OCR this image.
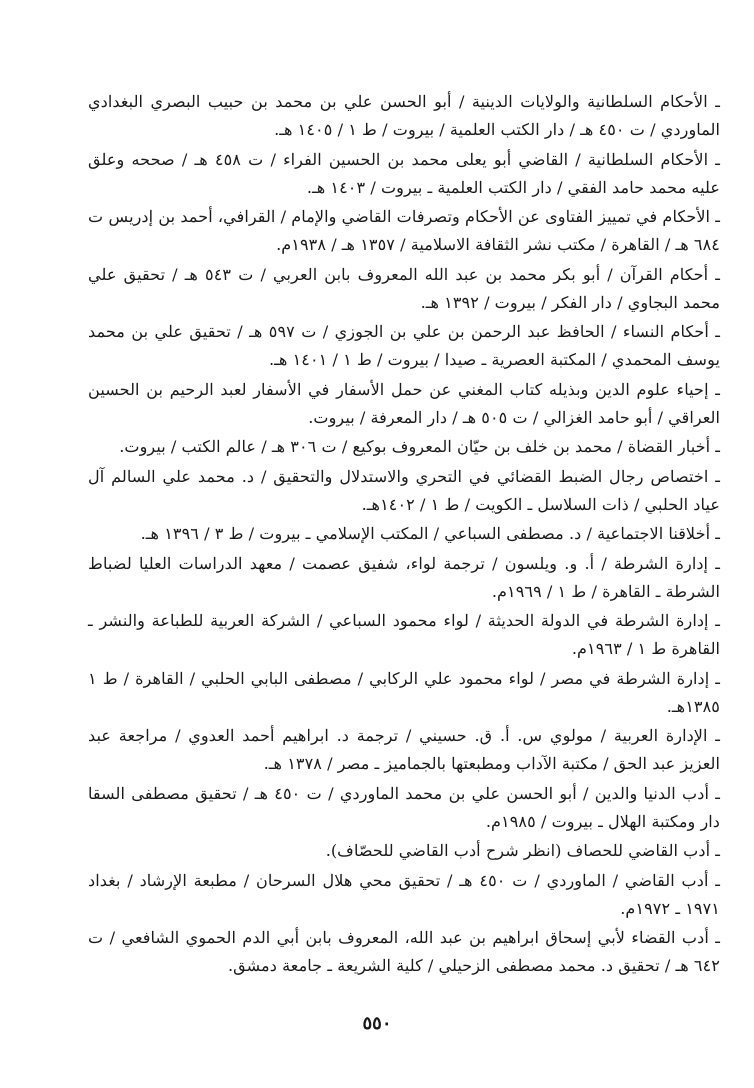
ـ الأحكام السلطانية والولايات الدينية / أبو الحسن علي بن محمد بن حبيب البصري البغدادي الماوردي / ت ٤٥٠ هـ / دار الكتب العلمية / بيروت / ط ١ / ١٤٠٥ هـ.

ـ الأحكام السلطانية / القاضي أبو يعلى محمد بن الحسين الفراء / ت ٤٥٨ هـ / صححه وعلق عليه محمد حامد الفقي / دار الكتب العلمية ـ بيروت / ١٤٠٣ هـ.

ـ الأحكام في تمييز الفتاوى عن الأحكام وتصرفات القاضي والإمام / القرافي، أحمد بن إدريس ت ٦٨٤ هـ / القاهرة / مكتب نشر الثقافة الاسلامية / ١٣٥٧ هـ / ١٩٣٨م.

ـ أحكام القرآن / أبو بكر محمد بن عبد الله المعروف بابن العربي / ت ٥٤٣ هـ / تحقيق علي محمد البجاوي / دار الفكر / بيروت / ١٣٩٢ هـ.

ـ أحكام النساء / الحافظ عبد الرحمن بن علي بن الجوزي / ت ٥٩٧ هـ / تحقيق علي بن محمد يوسف المحمدي / المكتبة العصرية ـ صيدا / بيروت / ط ١ / ١٤٠١ هـ.

ـ إحياء علوم الدين وبذيله كتاب المغني عن حمل الأسفار في الأسفار لعبد الرحيم بن الحسين العراقي / أبو حامد الغزالي / ت ٥٠٥ هـ / دار المعرفة / بيروت.

ـ أخبار القضاة / محمد بن خلف بن حيّان المعروف بوكيع / ت ٣٠٦ هـ / عالم الكتب / بيروت.

ـ اختصاص رجال الضبط القضائي في التحري والاستدلال والتحقيق / د. محمد علي السالم آل عياد الحلبي / ذات السلاسل ـ الكويت / ط ١ / ١٤٠٢هـ.

ـ أخلاقنا الاجتماعية / د. مصطفى السباعي / المكتب الإسلامي ـ بيروت / ط ٣ / ١٣٩٦ هـ.

ـ إدارة الشرطة / أ. و. ويلسون / ترجمة لواء، شفيق عصمت / معهد الدراسات العليا لضباط الشرطة ـ القاهرة / ط ١ / ١٩٦٩م.

ـ إدارة الشرطة في الدولة الحديثة / لواء محمود السباعي / الشركة العربية للطباعة والنشر ـ القاهرة ط ١ / ١٩٦٣م.

ـ إدارة الشرطة في مصر / لواء محمود علي الركابي / مصطفى البابي الحلبي / القاهرة / ط ١ ١٣٨٥هـ.

ـ الإدارة العربية / مولوي س. أ. ق. حسيني / ترجمة د. ابراهيم أحمد العدوي / مراجعة عبد العزيز عبد الحق / مكتبة الآداب ومطبعتها بالجماميز ـ مصر / ١٣٧٨ هـ.

ـ أدب الدنيا والدين / أبو الحسن علي بن محمد الماوردي / ت ٤٥٠ هـ / تحقيق مصطفى السقا دار ومكتبة الهلال ـ بيروت / ١٩٨٥م.

ـ أدب القاضي للحصاف (انظر شرح أدب القاضي للحصّاف).

ـ أدب القاضي / الماوردي / ت ٤٥٠ هـ / تحقيق محي هلال السرحان / مطبعة الإرشاد / بغداد ١٩٧١ ـ ١٩٧٢م.

ـ أدب القضاء لأبي إسحاق ابراهيم بن عبد الله، المعروف بابن أبي الدم الحموي الشافعي / ت ٦٤٢ هـ / تحقيق د. محمد مصطفى الزحيلي / كلية الشريعة ـ جامعة دمشق.

٥٥٠
